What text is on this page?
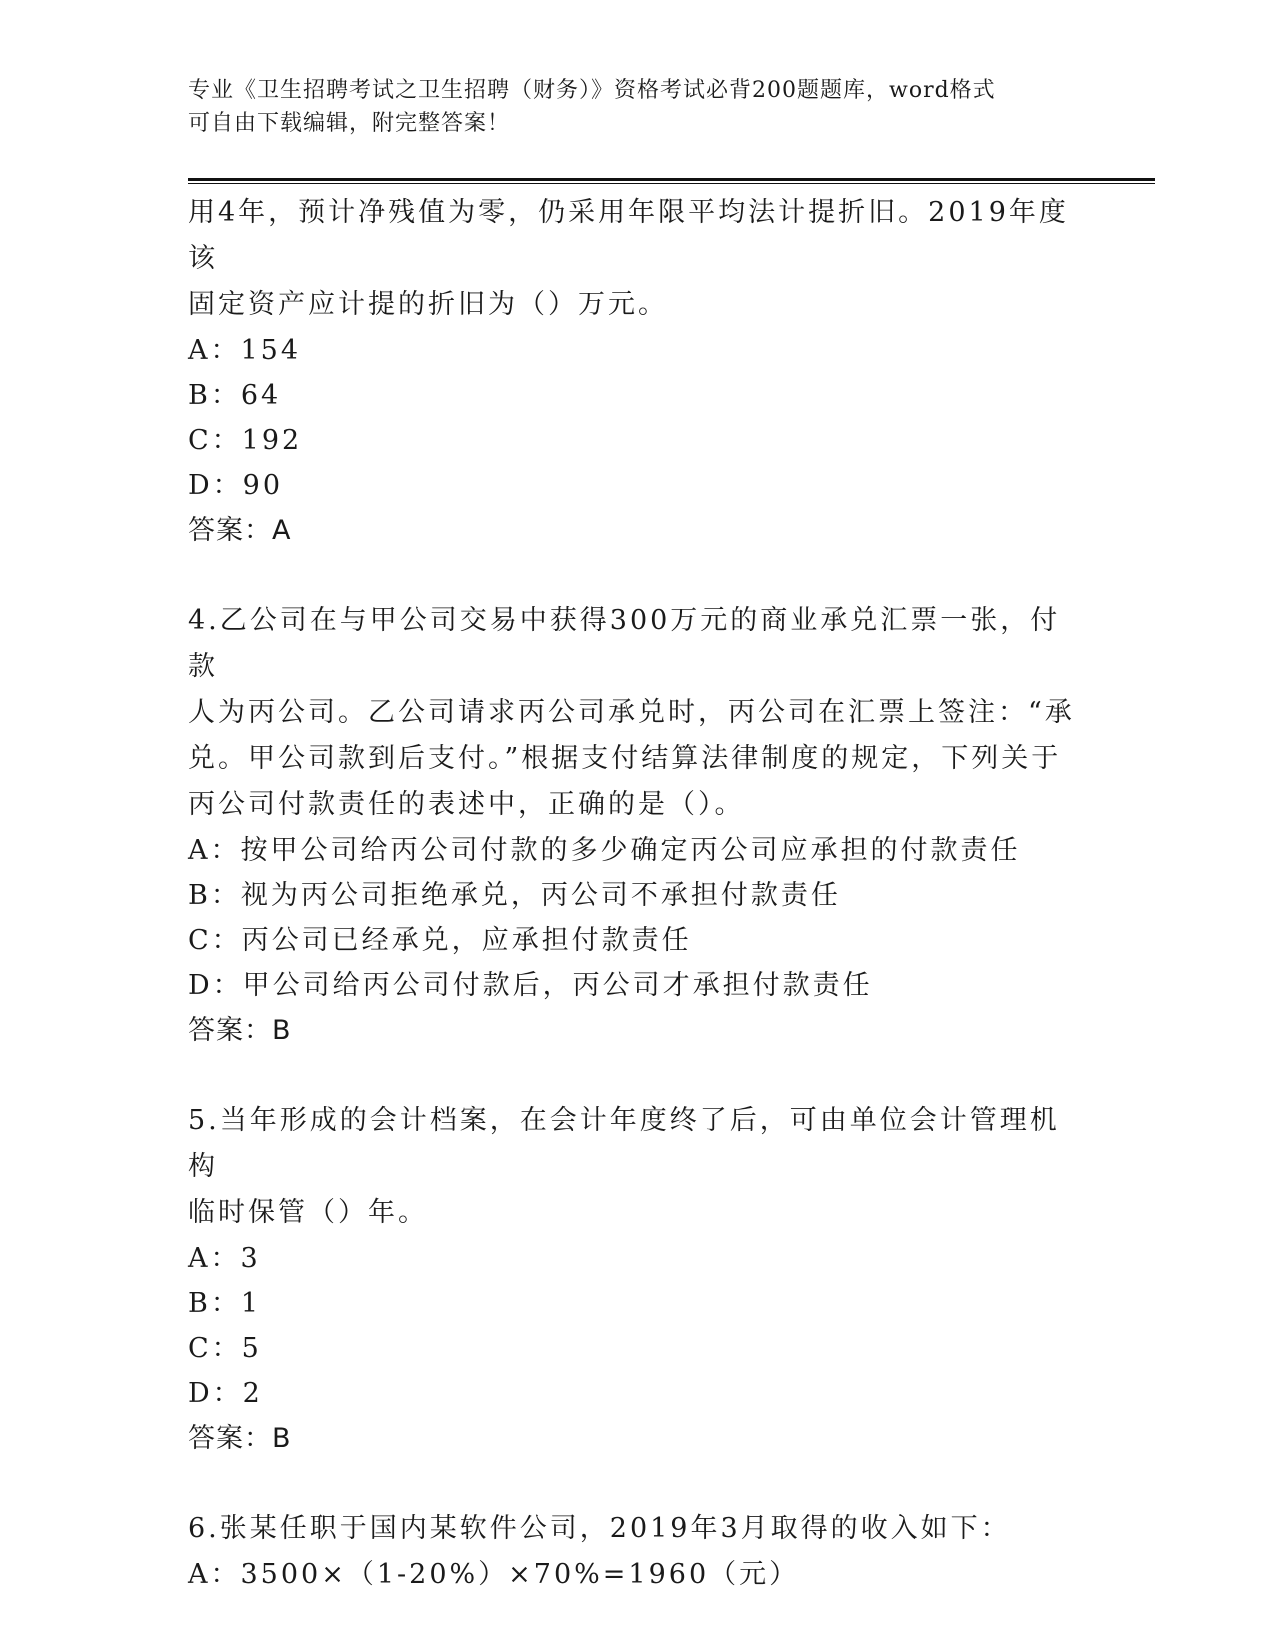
专业《卫生招聘考试之卫生招聘（财务）》资格考试必背200题题库，word格式
可自由下载编辑，附完整答案！
用4年，预计净残值为零，仍采用年限平均法计提折旧。2019年度该
固定资产应计提的折旧为（）万元。
A：154
B：64
C：192
D：90
答案：A
4.乙公司在与甲公司交易中获得300万元的商业承兑汇票一张，付款
人为丙公司。乙公司请求丙公司承兑时，丙公司在汇票上签注：“承
兑。甲公司款到后支付。”根据支付结算法律制度的规定，下列关于
丙公司付款责任的表述中，正确的是（）。
A：按甲公司给丙公司付款的多少确定丙公司应承担的付款责任
B：视为丙公司拒绝承兑，丙公司不承担付款责任
C：丙公司已经承兑，应承担付款责任
D：甲公司给丙公司付款后，丙公司才承担付款责任
答案：B
5.当年形成的会计档案，在会计年度终了后，可由单位会计管理机构
临时保管（）年。
A：3
B：1
C：5
D：2
答案：B
6.张某任职于国内某软件公司，2019年3月取得的收入如下：
A：3500×（1-20%）×70%=1960（元）
